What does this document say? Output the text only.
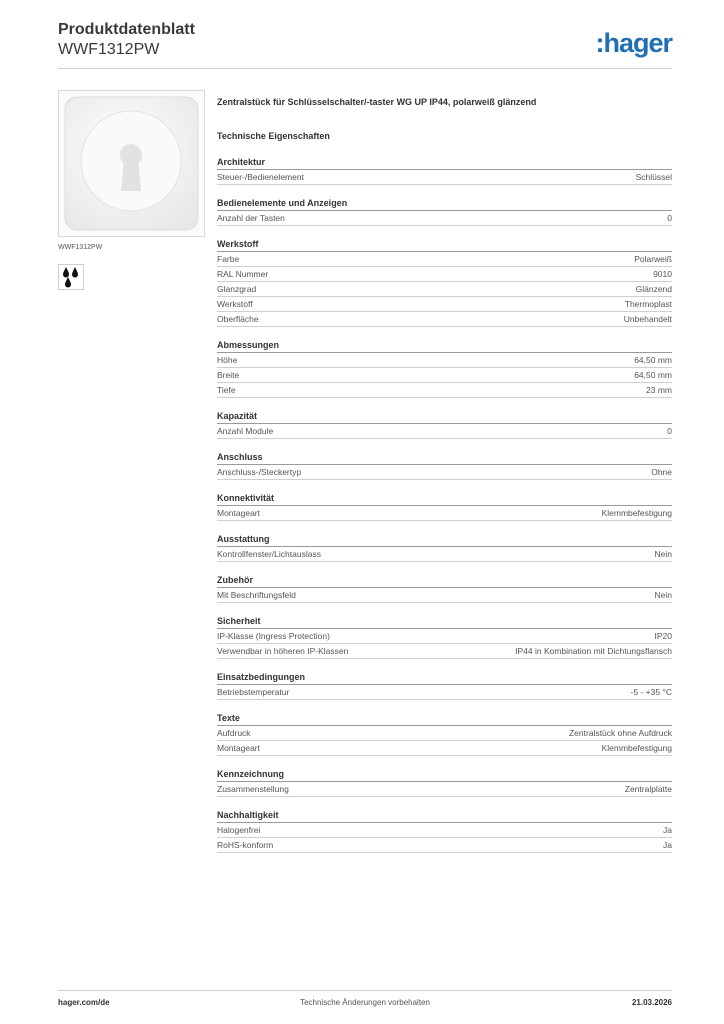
Produktdatenblatt
WWF1312PW	:hager
WWF1312PW
Zentralstück für Schlüsselschalter/-taster WG UP IP44, polarweiß glänzend
Technische Eigenschaften
Architektur
Steuer-/Bedienelement	Schlüssel
Bedienelemente und Anzeigen
Anzahl der Tasten	0
Werkstoff
Farbe	Polarweiß
RAL Nummer	9010
Glanzgrad	Glänzend
Werkstoff	Thermoplast
Oberfläche	Unbehandelt
Abmessungen
Höhe	64,50 mm
Breite	64,50 mm
Tiefe	23 mm
Kapazität
Anzahl Module	0
Anschluss
Anschluss-/Steckertyp	Ohne
Konnektivität
Montageart	Klemmbefestigung
Ausstattung
Kontrollfenster/Lichtauslass	Nein
Zubehör
Mit Beschriftungsfeld	Nein
Sicherheit
IP-Klasse (Ingress Protection)	IP20
Verwendbar in höheren IP-Klassen	IP44 in Kombination mit Dichtungsflansch
Einsatzbedingungen
Betriebstemperatur	-5 - +35 °C
Texte
Aufdruck	Zentralstück ohne Aufdruck
Montageart	Klemmbefestigung
Kennzeichnung
Zusammenstellung	Zentralplatte
Nachhaltigkeit
Halogenfrei	Ja
RoHS-konform	Ja
hager.com/de	Technische Änderungen vorbehalten	21.03.2026
